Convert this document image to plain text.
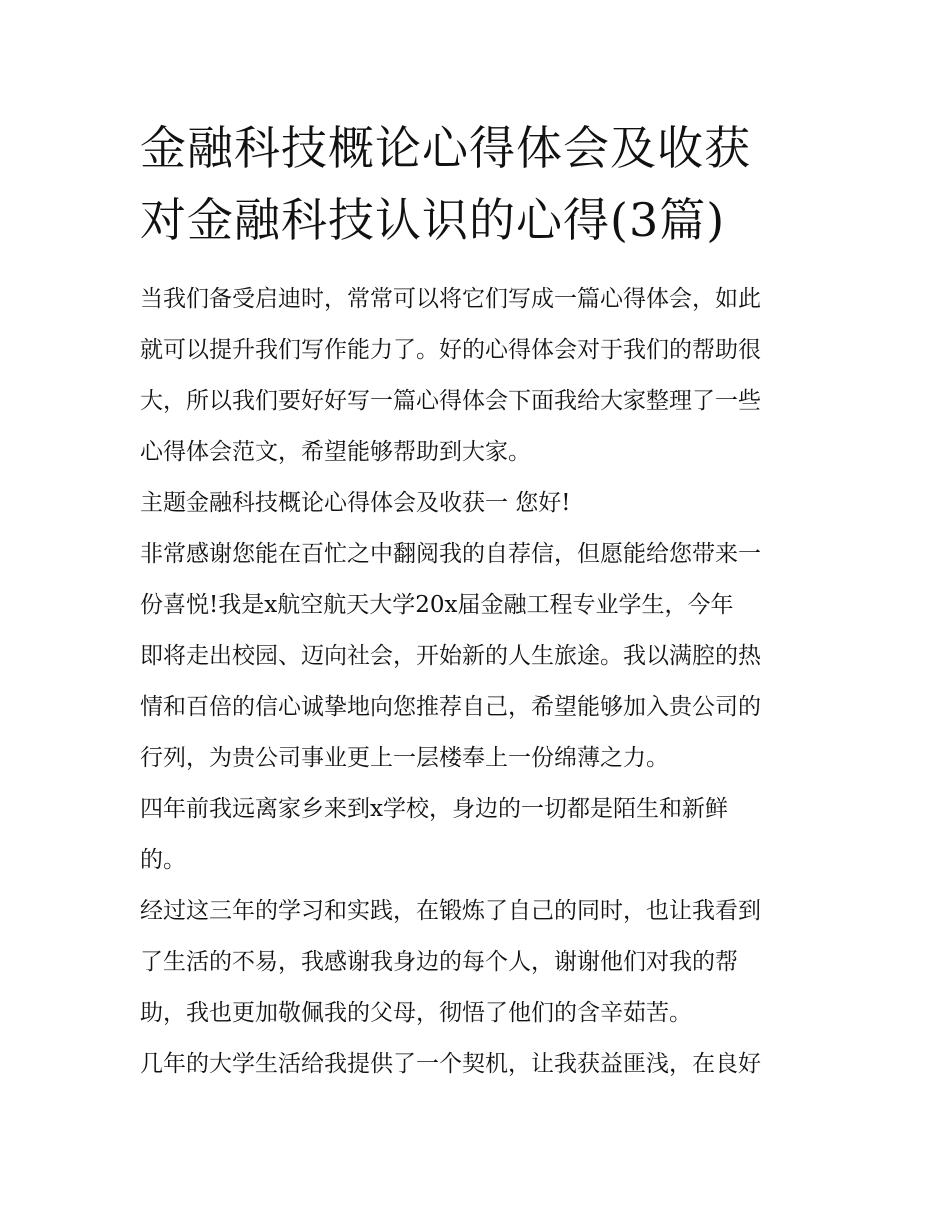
金融科技概论心得体会及收获
对金融科技认识的心得(3篇)

当我们备受启迪时，常常可以将它们写成一篇心得体会，如此
就可以提升我们写作能力了。好的心得体会对于我们的帮助很
大，所以我们要好好写一篇心得体会下面我给大家整理了一些
心得体会范文，希望能够帮助到大家。

主题金融科技概论心得体会及收获一 您好!

非常感谢您能在百忙之中翻阅我的自荐信，但愿能给您带来一
份喜悦!我是x航空航天大学20x届金融工程专业学生，今年
即将走出校园、迈向社会，开始新的人生旅途。我以满腔的热
情和百倍的信心诚挚地向您推荐自己，希望能够加入贵公司的
行列，为贵公司事业更上一层楼奉上一份绵薄之力。

四年前我远离家乡来到x学校，身边的一切都是陌生和新鲜
的。

经过这三年的学习和实践，在锻炼了自己的同时，也让我看到
了生活的不易，我感谢我身边的每个人，谢谢他们对我的帮
助，我也更加敬佩我的父母，彻悟了他们的含辛茹苦。

几年的大学生活给我提供了一个契机，让我获益匪浅，在良好
